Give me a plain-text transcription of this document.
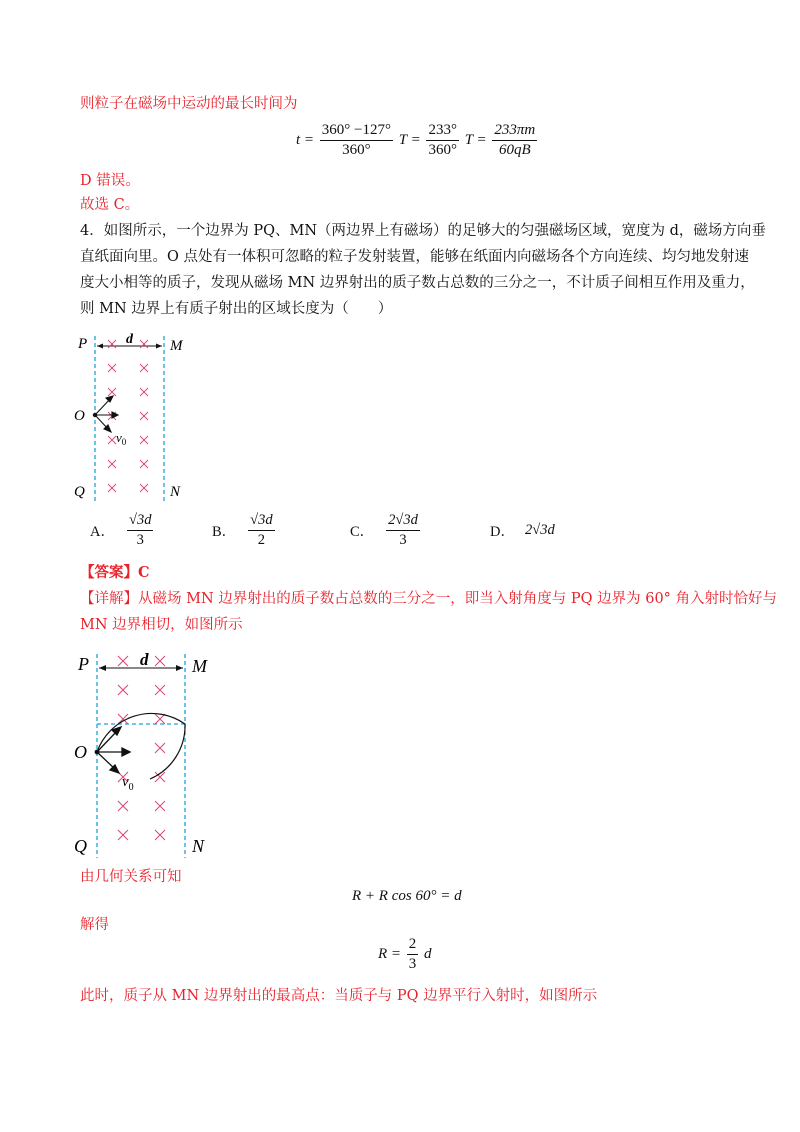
则粒子在磁场中运动的最长时间为
$t = \frac{360^\circ -127^\circ}{360^\circ}$ $T = \frac{233^\circ}{360^\circ}$ $T = \frac{233\pi m}{60qB}$
D 错误。
故选 C。
4．如图所示，一个边界为 PQ、MN（两边界上有磁场）的足够大的匀强磁场区域，宽度为 d，磁场方向垂
直纸面向里。O 点处有一体积可忽略的粒子发射装置，能够在纸面内向磁场各个方向连续、均匀地发射速
度大小相等的质子，发现从磁场 MN 边界射出的质子数占总数的三分之一，不计质子间相互作用及重力，
则 MN 边界上有质子射出的区域长度为（　　）
P	M
O
Q	N
d
$v_0$
A． $\frac{√3d}{3}$	B． $\frac{√3d}{2}$	C． $\frac{2√3d}{3}$	D． 2√3d
【答案】C
【详解】从磁场 MN 边界射出的质子数占总数的三分之一，即当入射角度与 PQ 边界为 60° 角入射时恰好与
MN 边界相切，如图所示
P	M
O
Q	N
d
$v_0$
由几何关系可知
R + R cos 60° = d
解得
$R = \frac{2}{3}$ d
此时，质子从 MN 边界射出的最高点：当质子与 PQ 边界平行入射时，如图所示
